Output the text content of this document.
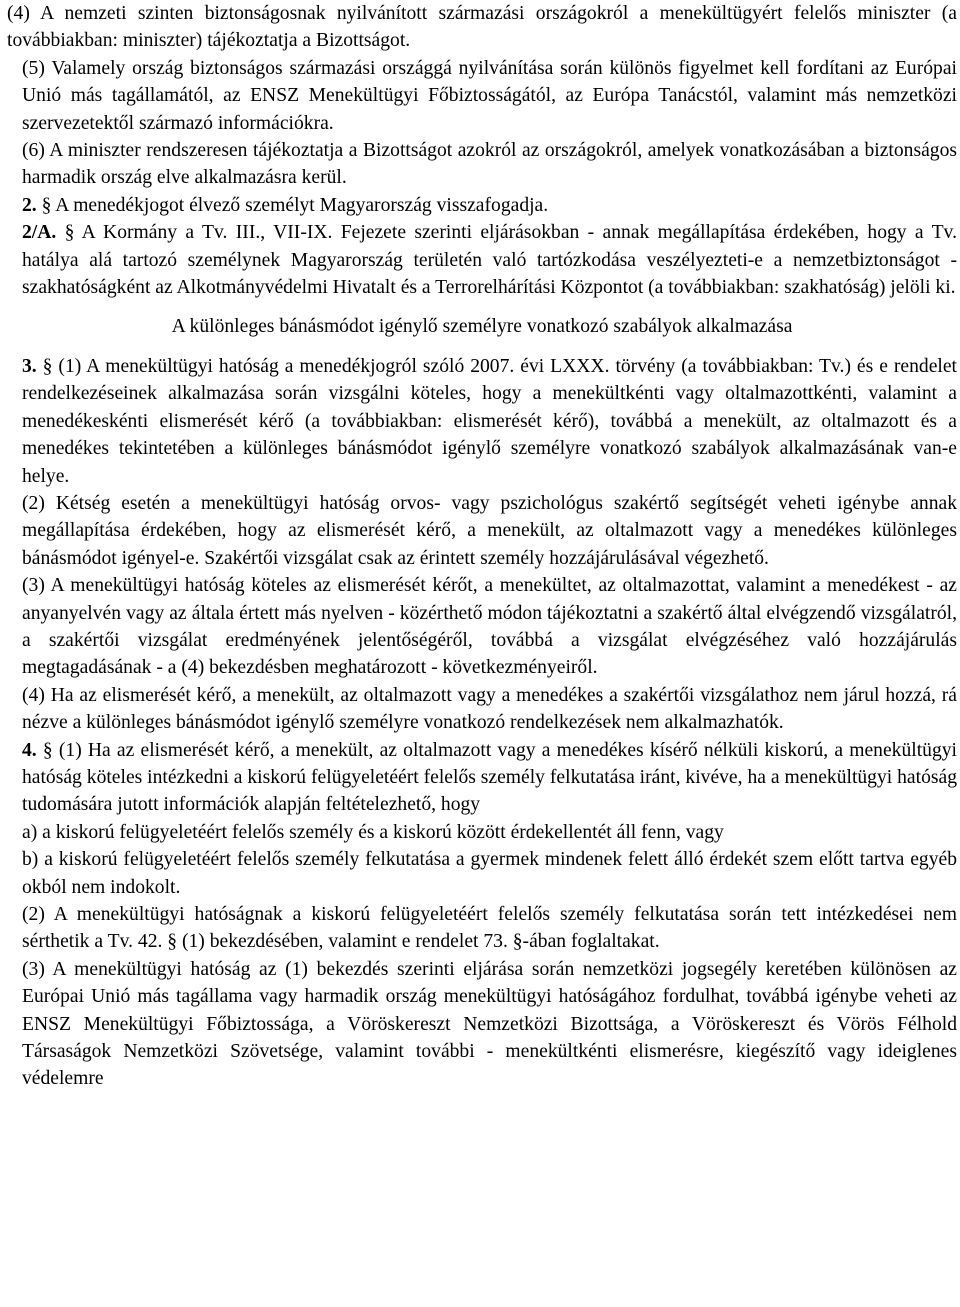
(4) A nemzeti szinten biztonságosnak nyilvánított származási országokról a menekültügyért felelős miniszter (a továbbiakban: miniszter) tájékoztatja a Bizottságot.

(5) Valamely ország biztonságos származási országgá nyilvánítása során különös figyelmet kell fordítani az Európai Unió más tagállamától, az ENSZ Menekültügyi Főbiztosságától, az Európa Tanácstól, valamint más nemzetközi szervezetektől származó információkra.

(6) A miniszter rendszeresen tájékoztatja a Bizottságot azokról az országokról, amelyek vonatkozásában a biztonságos harmadik ország elve alkalmazásra kerül.

2. § A menedékjogot élvező személyt Magyarország visszafogadja.

2/A. § A Kormány a Tv. III., VII-IX. Fejezete szerinti eljárásokban - annak megállapítása érdekében, hogy a Tv. hatálya alá tartozó személynek Magyarország területén való tartózkodása veszélyezteti-e a nemzetbiztonságot - szakhatóságként az Alkotmányvédelmi Hivatalt és a Terrorelhárítási Központot (a továbbiakban: szakhatóság) jelöli ki.

A különleges bánásmódot igénylő személyre vonatkozó szabályok alkalmazása

3. § (1) A menekültügyi hatóság a menedékjogról szóló 2007. évi LXXX. törvény (a továbbiakban: Tv.) és e rendelet rendelkezéseinek alkalmazása során vizsgálni köteles, hogy a menekültkénti vagy oltalmazottkénti, valamint a menedékeskénti elismerését kérő (a továbbiakban: elismerését kérő), továbbá a menekült, az oltalmazott és a menedékes tekintetében a különleges bánásmódot igénylő személyre vonatkozó szabályok alkalmazásának van-e helye.

(2) Kétség esetén a menekültügyi hatóság orvos- vagy pszichológus szakértő segítségét veheti igénybe annak megállapítása érdekében, hogy az elismerését kérő, a menekült, az oltalmazott vagy a menedékes különleges bánásmódot igényel-e. Szakértői vizsgálat csak az érintett személy hozzájárulásával végezhető.

(3) A menekültügyi hatóság köteles az elismerését kérőt, a menekültet, az oltalmazottat, valamint a menedékest - az anyanyelvén vagy az általa értett más nyelven - közérthető módon tájékoztatni a szakértő által elvégzendő vizsgálatról, a szakértői vizsgálat eredményének jelentőségéről, továbbá a vizsgálat elvégzéséhez való hozzájárulás megtagadásának - a (4) bekezdésben meghatározott - következményeiről.

(4) Ha az elismerését kérő, a menekült, az oltalmazott vagy a menedékes a szakértői vizsgálathoz nem járul hozzá, rá nézve a különleges bánásmódot igénylő személyre vonatkozó rendelkezések nem alkalmazhatók.

4. § (1) Ha az elismerését kérő, a menekült, az oltalmazott vagy a menedékes kísérő nélküli kiskorú, a menekültügyi hatóság köteles intézkedni a kiskorú felügyeletéért felelős személy felkutatása iránt, kivéve, ha a menekültügyi hatóság tudomására jutott információk alapján feltételezhető, hogy

a) a kiskorú felügyeletéért felelős személy és a kiskorú között érdekellentét áll fenn, vagy

b) a kiskorú felügyeletéért felelős személy felkutatása a gyermek mindenek felett álló érdekét szem előtt tartva egyéb okból nem indokolt.

(2) A menekültügyi hatóságnak a kiskorú felügyeletéért felelős személy felkutatása során tett intézkedései nem sérthetik a Tv. 42. § (1) bekezdésében, valamint e rendelet 73. §-ában foglaltakat.

(3) A menekültügyi hatóság az (1) bekezdés szerinti eljárása során nemzetközi jogsegély keretében különösen az Európai Unió más tagállama vagy harmadik ország menekültügyi hatóságához fordulhat, továbbá igénybe veheti az ENSZ Menekültügyi Főbiztossága, a Vöröskereszt Nemzetközi Bizottsága, a Vöröskereszt és Vörös Félhold Társaságok Nemzetközi Szövetsége, valamint további - menekültkénti elismerésre, kiegészítő vagy ideiglenes védelemre
